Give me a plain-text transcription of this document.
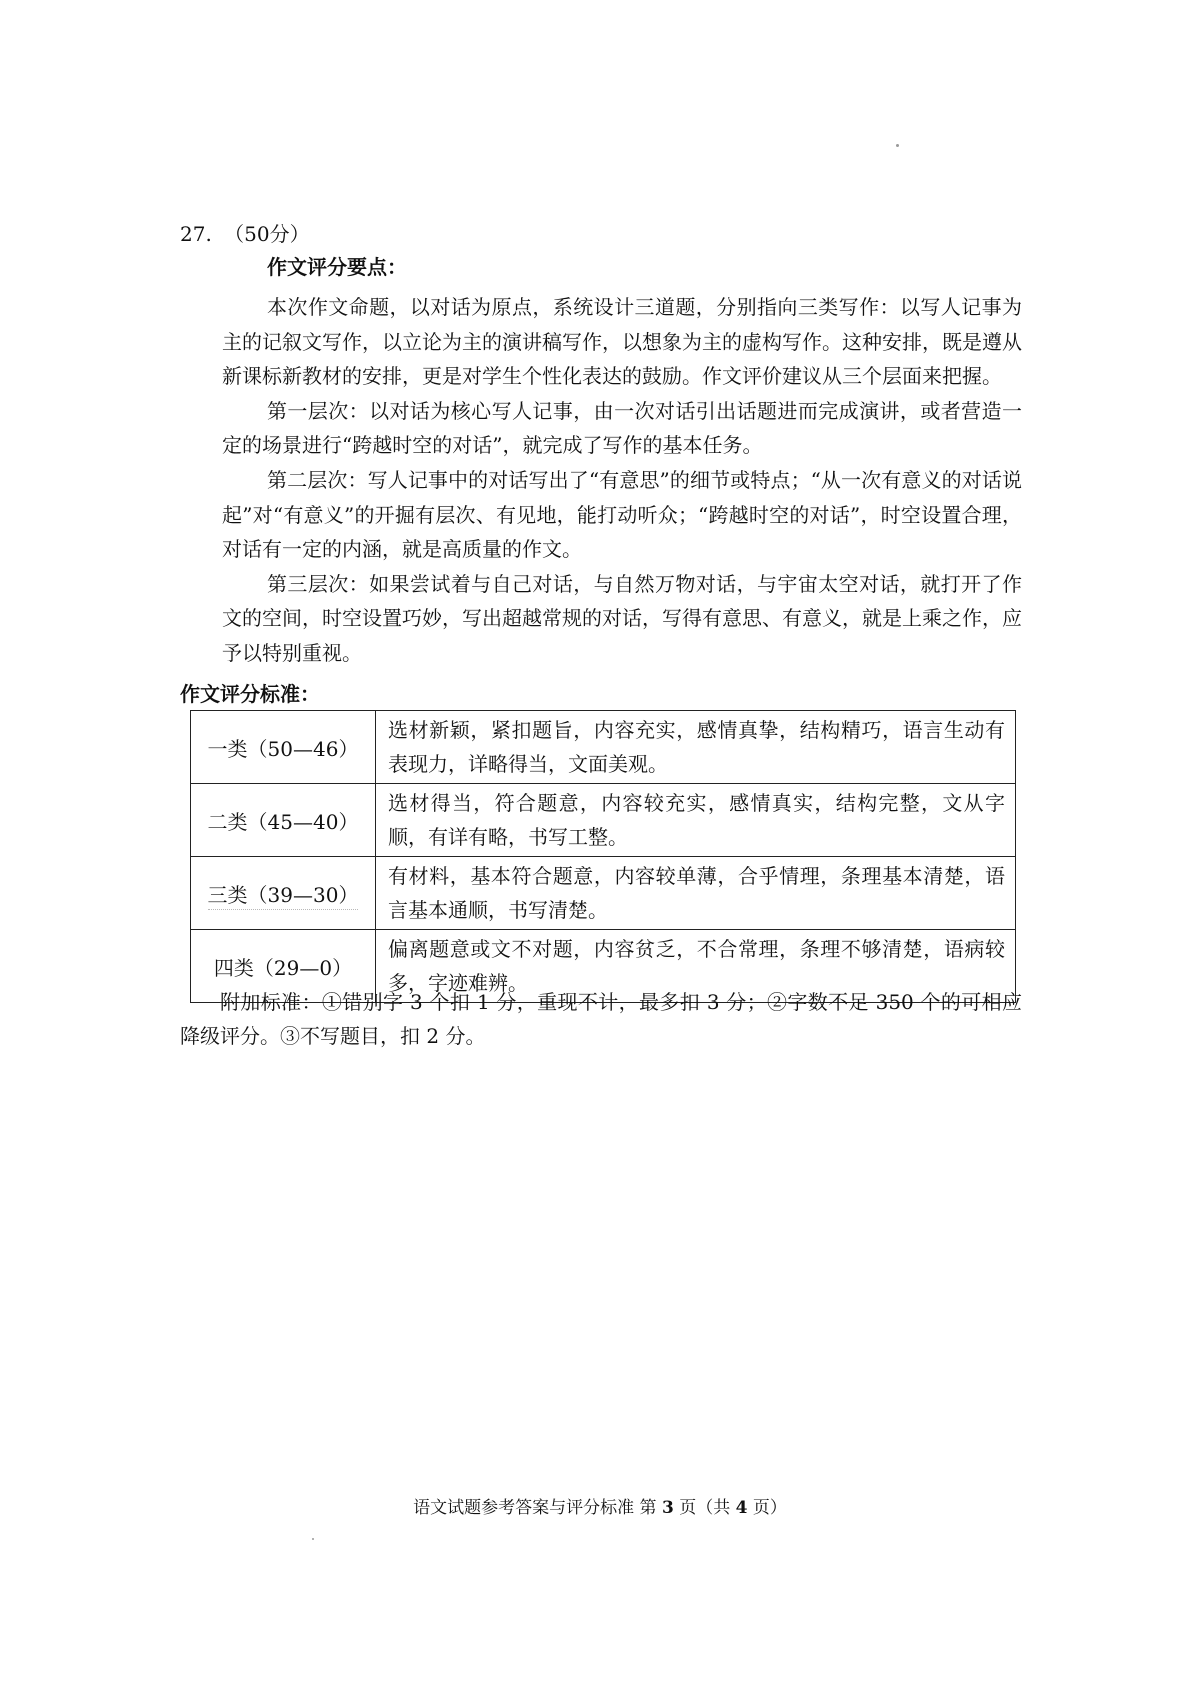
27. （50分）
作文评分要点：

本次作文命题，以对话为原点，系统设计三道题，分别指向三类写作：以写人记事为主的记叙文写作，以立论为主的演讲稿写作，以想象为主的虚构写作。这种安排，既是遵从新课标新教材的安排，更是对学生个性化表达的鼓励。作文评价建议从三个层面来把握。

第一层次：以对话为核心写人记事，由一次对话引出话题进而完成演讲，或者营造一定的场景进行“跨越时空的对话”，就完成了写作的基本任务。

第二层次：写人记事中的对话写出了“有意思”的细节或特点；“从一次有意义的对话说起”对“有意义”的开掘有层次、有见地，能打动听众；“跨越时空的对话”，时空设置合理，对话有一定的内涵，就是高质量的作文。

第三层次：如果尝试着与自己对话，与自然万物对话，与宇宙太空对话，就打开了作文的空间，时空设置巧妙，写出超越常规的对话，写得有意思、有意义，就是上乘之作，应予以特别重视。

作文评分标准：
一类（50—46）	选材新颖，紧扣题旨，内容充实，感情真挚，结构精巧，语言生动有表现力，详略得当，文面美观。
二类（45—40）	选材得当，符合题意，内容较充实，感情真实，结构完整，文从字顺，有详有略，书写工整。
三类（39—30）	有材料，基本符合题意，内容较单薄，合乎情理，条理基本清楚，语言基本通顺，书写清楚。
四类（29—0）	偏离题意或文不对题，内容贫乏，不合常理，条理不够清楚，语病较多，字迹难辨。

附加标准：①错别字 3 个扣 1 分，重现不计，最多扣 3 分；②字数不足 350 个的可相应降级评分。③不写题目，扣 2 分。

语文试题参考答案与评分标准 第 3 页（共 4 页）
